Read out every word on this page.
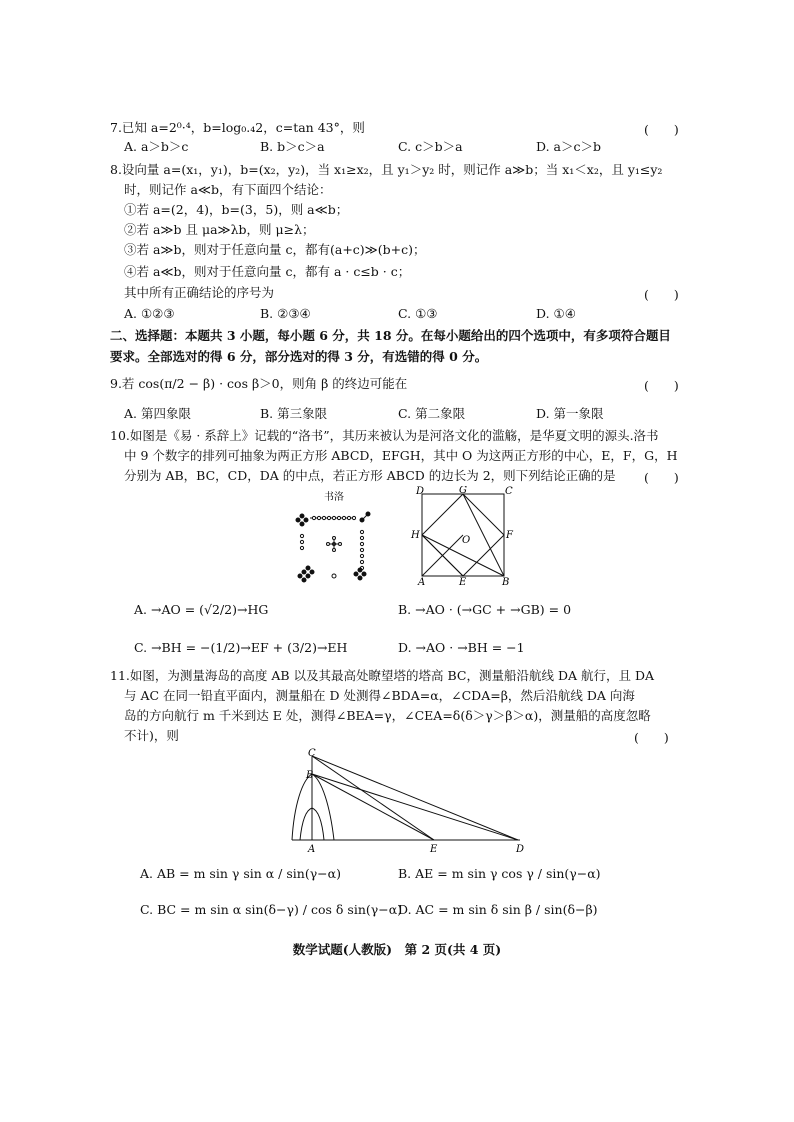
7.已知 a=2⁰·⁴，b=log₀.₄2，c=tan 43°，则	(　　)
A. a＞b＞c	B. b＞c＞a	C. c＞b＞a	D. a＞c＞b
8.设向量 a=(x₁，y₁)，b=(x₂，y₂)，当 x₁≥x₂，且 y₁＞y₂ 时，则记作 a≫b；当 x₁＜x₂，且 y₁≤y₂
时，则记作 a≪b，有下面四个结论：
①若 a=(2，4)，b=(3，5)，则 a≪b；
②若 a≫b 且 μa≫λb，则 μ≥λ；
③若 a≫b，则对于任意向量 c，都有(a+c)≫(b+c)；
④若 a≪b，则对于任意向量 c，都有 a · c≤b · c；
其中所有正确结论的序号为	(　　)
A. ①②③	B. ②③④	C. ①③	D. ①④
二、选择题：本题共 3 小题，每小题 6 分，共 18 分。在每小题给出的四个选项中，有多项符合题目
要求。全部选对的得 6 分，部分选对的得 3 分，有选错的得 0 分。
9.若 cos(π/2 − β) · cos β＞0，则角 β 的终边可能在	(　　)
A. 第四象限	B. 第三象限	C. 第二象限	D. 第一象限
10.如图是《易 · 系辞上》记载的“洛书”，其历来被认为是河洛文化的滥觞，是华夏文明的源头.洛书
中 9 个数字的排列可抽象为两正方形 ABCD，EFGH，其中 O 为这两正方形的中心，E，F，G，H
分别为 AB，BC，CD，DA 的中点，若正方形 ABCD 的边长为 2，则下列结论正确的是 (　　)
书洛
D	G	C
H	F
O
A	E	B
A. →AO = (√2/2)→HG	B. →AO · (→GC + →GB) = 0
C. →BH = −(1/2)→EF + (3/2)→EH	D. →AO · →BH = −1
11.如图，为测量海岛的高度 AB 以及其最高处瞭望塔的塔高 BC，测量船沿航线 DA 航行，且 DA
与 AC 在同一铅直平面内，测量船在 D 处测得∠BDA=α，∠CDA=β，然后沿航线 DA 向海
岛的方向航行 m 千米到达 E 处，测得∠BEA=γ，∠CEA=δ(δ＞γ＞β＞α)，测量船的高度忽略
不计)，则	(　　)
C
B
A	E	D
A. AB = m sin γ sin α / sin(γ−α)	B. AE = m sin γ cos γ / sin(γ−α)
C. BC = m sin α sin(δ−γ) / cos δ sin(γ−α)
D. AC = m sin δ sin β / sin(δ−β)
数学试题(人教版)　第 2 页(共 4 页)
